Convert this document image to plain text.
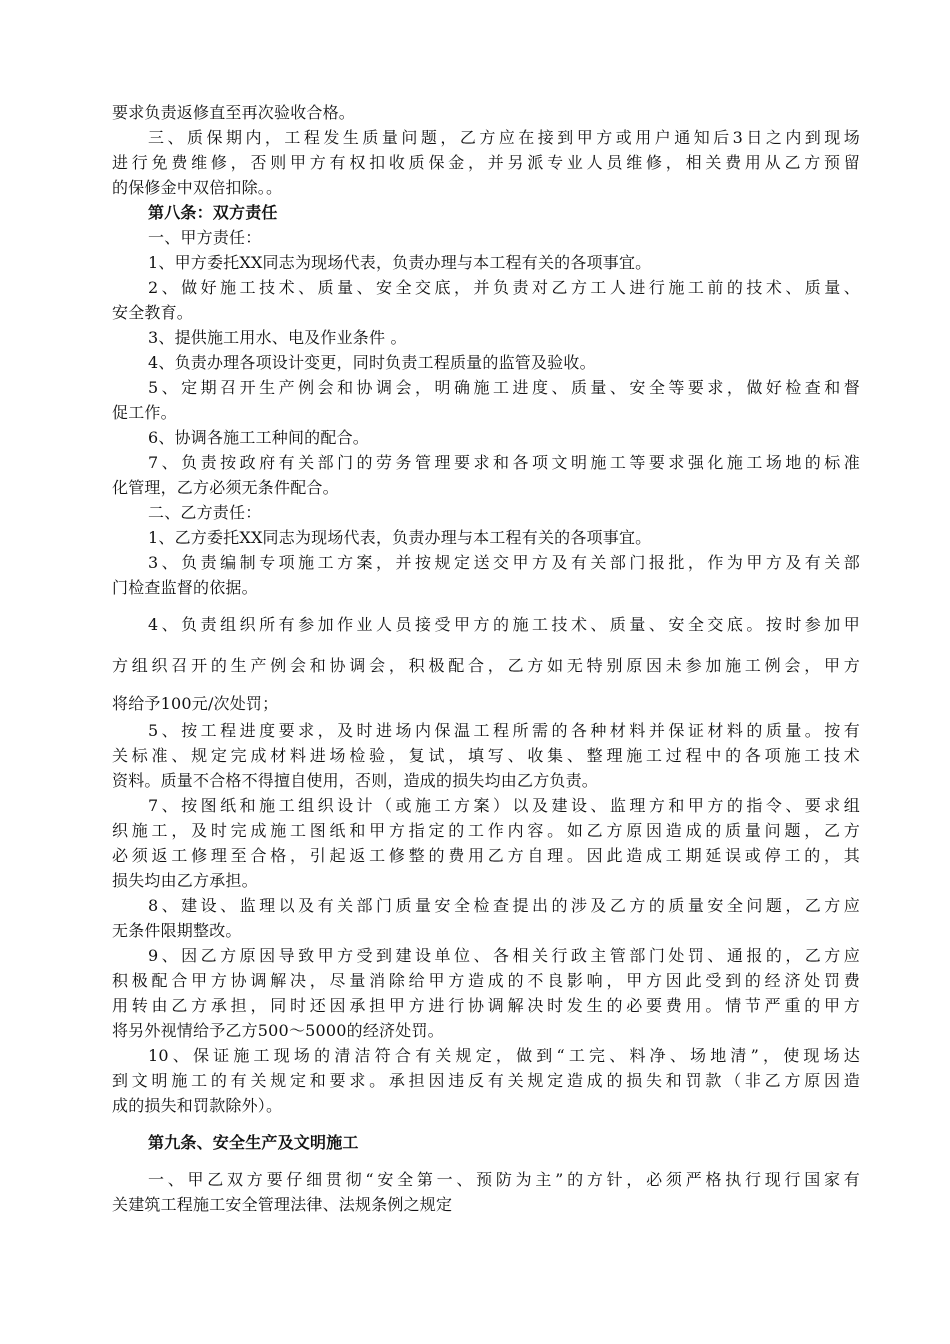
要求负责返修直至再次验收合格。
三、质保期内，工程发生质量问题，乙方应在接到甲方或用户通知后3日之内到现场
进行免费维修，否则甲方有权扣收质保金，并另派专业人员维修，相关费用从乙方预留
的保修金中双倍扣除。。
第八条：双方责任
一、甲方责任：
1、甲方委托XX同志为现场代表，负责办理与本工程有关的各项事宜。
2、做好施工技术、质量、安全交底，并负责对乙方工人进行施工前的技术、质量、
安全教育。
3、提供施工用水、电及作业条件 。
4、负责办理各项设计变更，同时负责工程质量的监管及验收。
5、定期召开生产例会和协调会，明确施工进度、质量、安全等要求，做好检查和督
促工作。
6、协调各施工工种间的配合。
7、负责按政府有关部门的劳务管理要求和各项文明施工等要求强化施工场地的标准
化管理，乙方必须无条件配合。
二、乙方责任：
1、乙方委托XX同志为现场代表，负责办理与本工程有关的各项事宜。
3、负责编制专项施工方案，并按规定送交甲方及有关部门报批，作为甲方及有关部
门检查监督的依据。
4、负责组织所有参加作业人员接受甲方的施工技术、质量、安全交底。按时参加甲
方组织召开的生产例会和协调会，积极配合，乙方如无特别原因未参加施工例会，甲方
将给予100元/次处罚；
5、按工程进度要求，及时进场内保温工程所需的各种材料并保证材料的质量。按有
关标准、规定完成材料进场检验，复试，填写、收集、整理施工过程中的各项施工技术
资料。质量不合格不得擅自使用，否则，造成的损失均由乙方负责。
7、按图纸和施工组织设计（或施工方案）以及建设、监理方和甲方的指令、要求组
织施工，及时完成施工图纸和甲方指定的工作内容。如乙方原因造成的质量问题，乙方
必须返工修理至合格，引起返工修整的费用乙方自理。因此造成工期延误或停工的，其
损失均由乙方承担。
8、建设、监理以及有关部门质量安全检查提出的涉及乙方的质量安全问题，乙方应
无条件限期整改。
9、因乙方原因导致甲方受到建设单位、各相关行政主管部门处罚、通报的，乙方应
积极配合甲方协调解决，尽量消除给甲方造成的不良影响，甲方因此受到的经济处罚费
用转由乙方承担，同时还因承担甲方进行协调解决时发生的必要费用。情节严重的甲方
将另外视情给予乙方500～5000的经济处罚。
10、保证施工现场的清洁符合有关规定，做到“工完、料净、场地清”，使现场达
到文明施工的有关规定和要求。承担因违反有关规定造成的损失和罚款（非乙方原因造
成的损失和罚款除外）。
第九条、安全生产及文明施工
一、甲乙双方要仔细贯彻“安全第一、预防为主”的方针，必须严格执行现行国家有
关建筑工程施工安全管理法律、法规条例之规定
